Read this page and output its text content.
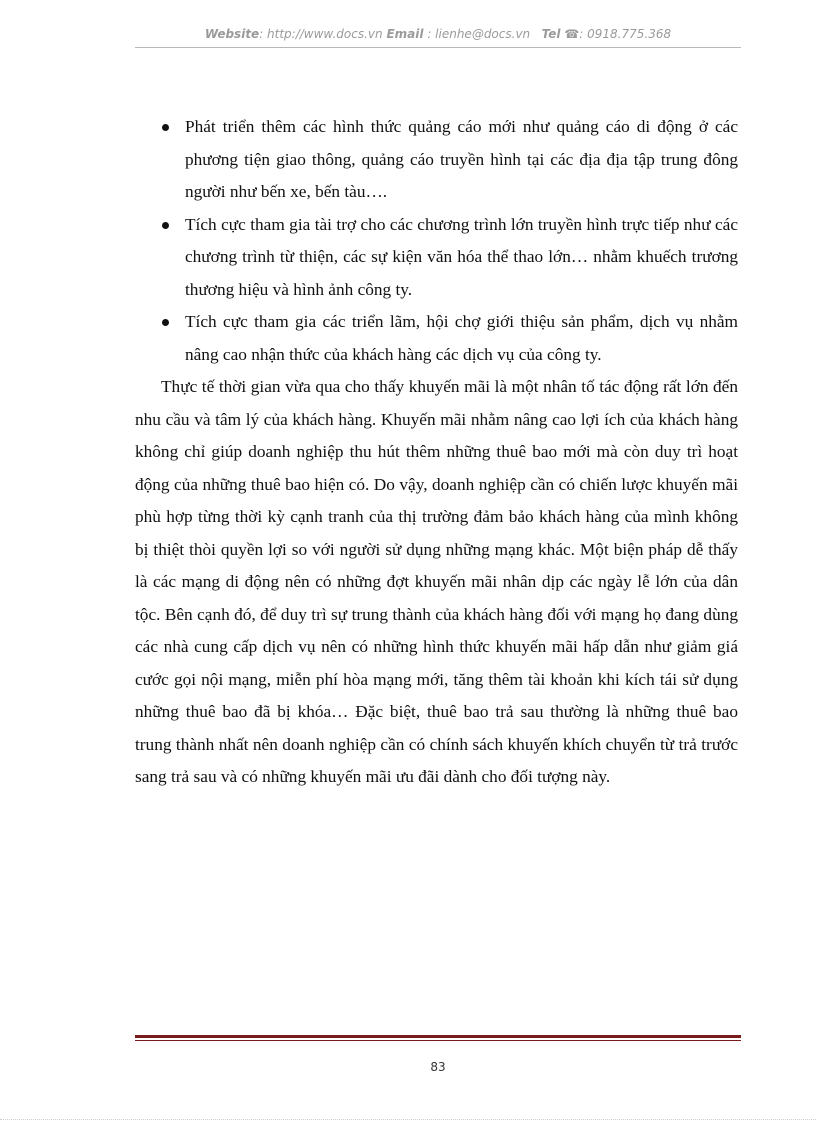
Website: http://www.docs.vn Email : lienhe@docs.vn Tel ☎: 0918.775.368
Phát triển thêm các hình thức quảng cáo mới như quảng cáo di động ở các phương tiện giao thông, quảng cáo truyền hình tại các địa địa tập trung đông người như bến xe, bến tàu….
Tích cực tham gia tài trợ cho các chương trình lớn truyền hình trực tiếp như các chương trình từ thiện, các sự kiện văn hóa thể thao lớn… nhằm khuếch trương thương hiệu và hình ảnh công ty.
Tích cực tham gia các triển lãm, hội chợ giới thiệu sản phẩm, dịch vụ nhằm nâng cao nhận thức của khách hàng các dịch vụ của công ty.

Thực tế thời gian vừa qua cho thấy khuyến mãi là một nhân tố tác động rất lớn đến nhu cầu và tâm lý của khách hàng. Khuyến mãi nhằm nâng cao lợi ích của khách hàng không chỉ giúp doanh nghiệp thu hút thêm những thuê bao mới mà còn duy trì hoạt động của những thuê bao hiện có. Do vậy, doanh nghiệp cần có chiến lược khuyến mãi phù hợp từng thời kỳ cạnh tranh của thị trường đảm bảo khách hàng của mình không bị thiệt thòi quyền lợi so với người sử dụng những mạng khác. Một biện pháp dễ thấy là các mạng di động nên có những đợt khuyến mãi nhân dịp các ngày lễ lớn của dân tộc. Bên cạnh đó, để duy trì sự trung thành của khách hàng đối với mạng họ đang dùng các nhà cung cấp dịch vụ nên có những hình thức khuyến mãi hấp dẫn như giảm giá cước gọi nội mạng, miễn phí hòa mạng mới, tăng thêm tài khoản khi kích tái sử dụng những thuê bao đã bị khóa… Đặc biệt, thuê bao trả sau thường là những thuê bao trung thành nhất nên doanh nghiệp cần có chính sách khuyến khích chuyển từ trả trước sang trả sau và có những khuyến mãi ưu đãi dành cho đối tượng này.

83
